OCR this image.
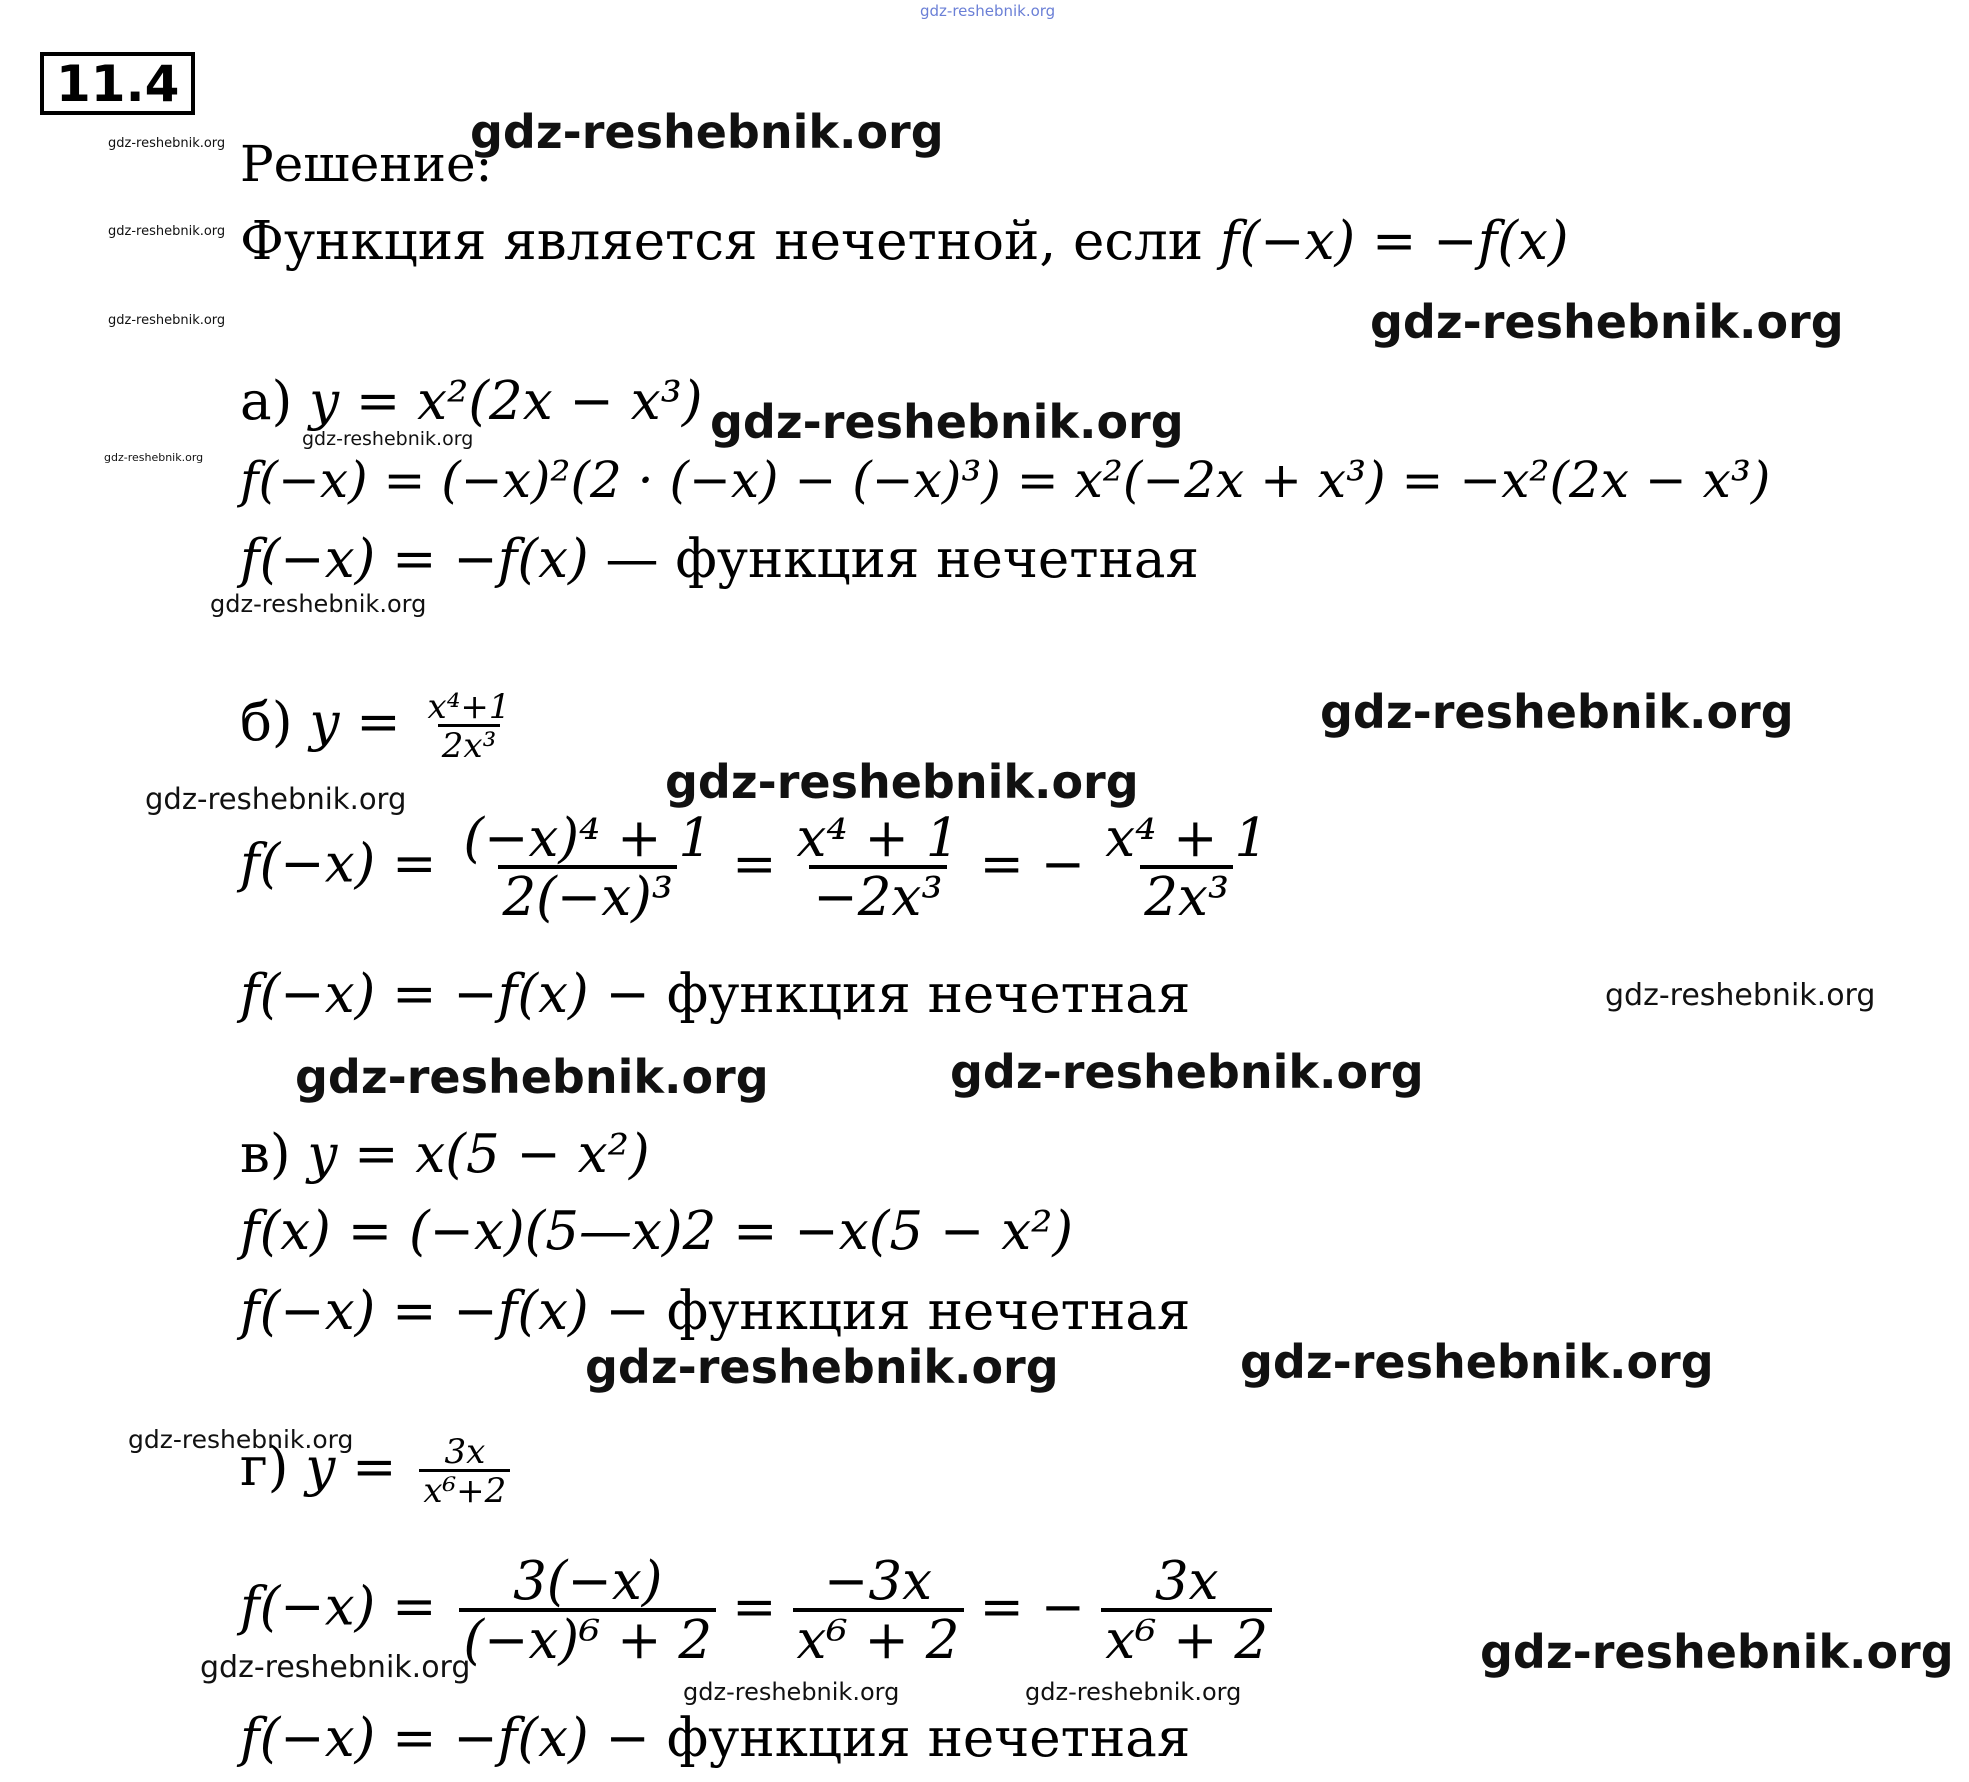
11.4
Решение:
Функция является нечетной, если f(−x) = −f(x)
а) y = x²(2x − x³)
f(−x) = (−x)²(2 · (−x) − (−x)³) = x²(−2x + x³) = −x²(2x − x³)
f(−x) = −f(x) — функция нечетная
б) $y = \frac{\text{x⁴+1}}{\text{2x³}}$
$f(-x) = \frac{\text{(−x)⁴ + 1}}{\text{2(−x)³}} = \frac{\text{x⁴ + 1}}{\text{−2x³}}$ = − $\frac{\text{x⁴ + 1}}{\text{2x³}}$
f(−x) = −f(x) − функция нечетная
в) y = x(5 − x²)
f(x) = (−x)(5—x)2 = −x(5 − x²)
f(−x) = −f(x) − функция нечетная
г) $y = \frac{3x}{\text{x⁶+2}}$
$f(-x) = \frac{3(-x)}{\text{(−x)⁶ + 2}} = \frac{-3x}{\text{x⁶ + 2}}$ = − $\frac{3x}{\text{x⁶ + 2}}$
f(−x) = −f(x) − функция нечетная
gdz-reshebnik.org
gdz-reshebnik.org
gdz-reshebnik.org
gdz-reshebnik.org
gdz-reshebnik.org
gdz-reshebnik.org
gdz-reshebnik.org	gdz-reshebnik.org
gdz-reshebnik.org	gdz-reshebnik.org
gdz-reshebnik.org
gdz-reshebnik.org
gdz-reshebnik.org
gdz-reshebnik.org
gdz-reshebnik.org
gdz-reshebnik.org
gdz-reshebnik.org
gdz-reshebnik.org	gdz-reshebnik.org
gdz-reshebnik.org
gdz-reshebnik.org
gdz-reshebnik.org
gdz-reshebnik.org
